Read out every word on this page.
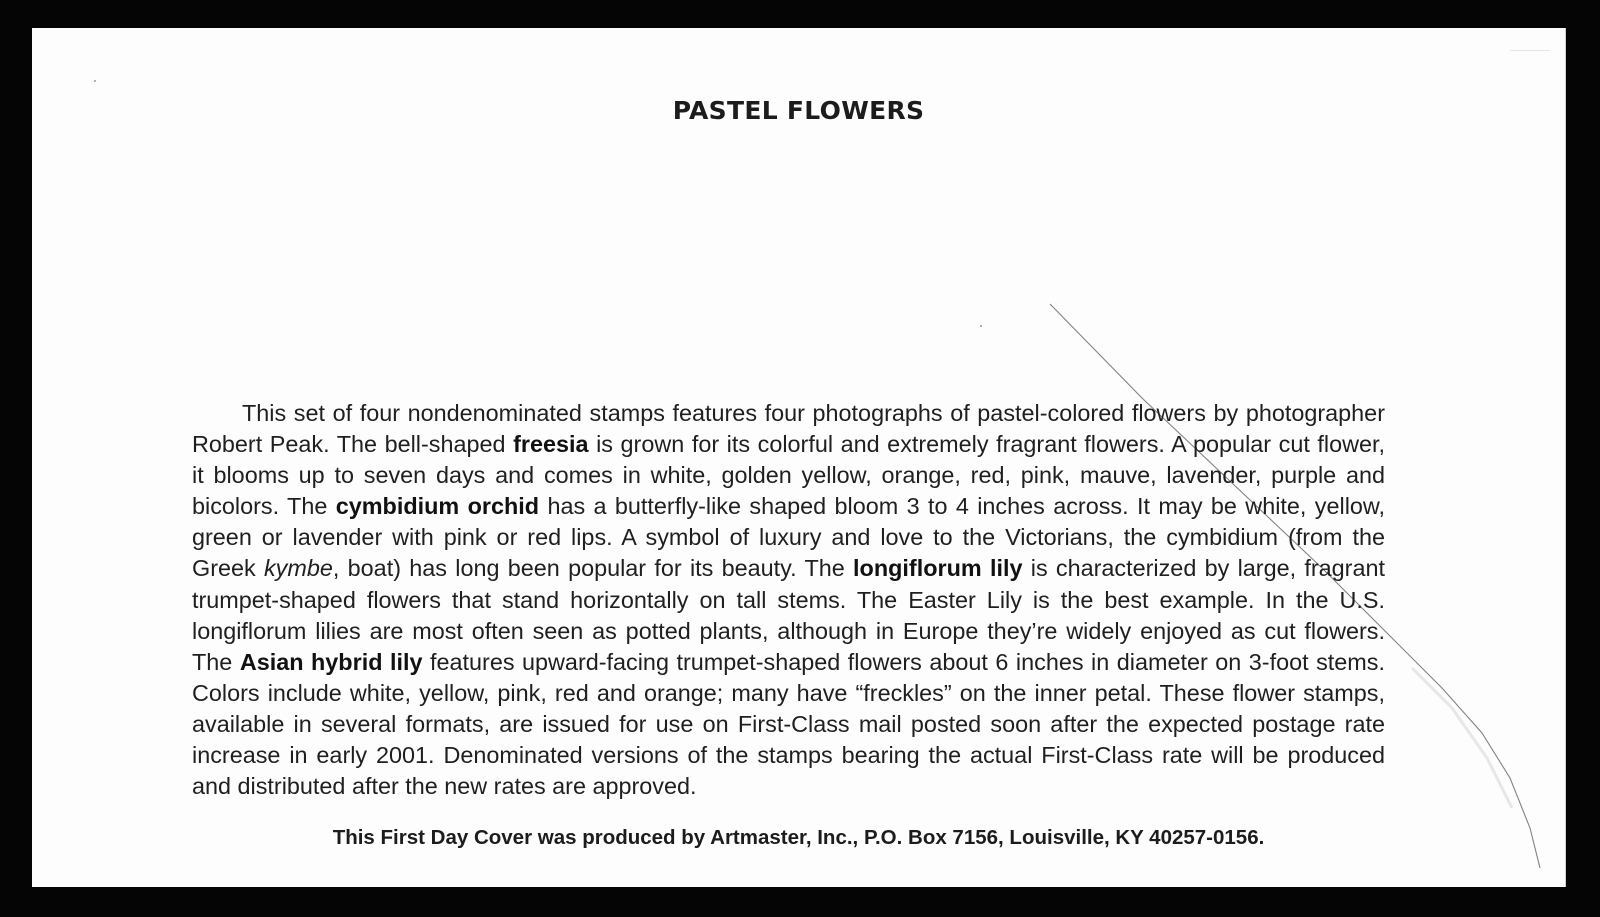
PASTEL FLOWERS

This set of four nondenominated stamps features four photographs of pastel-colored flowers by photographer Robert Peak. The bell-shaped freesia is grown for its colorful and extremely fragrant flowers. A popular cut flower, it blooms up to seven days and comes in white, golden yellow, orange, red, pink, mauve, lavender, purple and bicolors. The cymbidium orchid has a butterfly-like shaped bloom 3 to 4 inches across. It may be white, yellow, green or lavender with pink or red lips. A symbol of luxury and love to the Victorians, the cymbidium (from the Greek kymbe, boat) has long been popular for its beauty. The longiflorum lily is characterized by large, fragrant trumpet-shaped flowers that stand horizontally on tall stems. The Easter Lily is the best example. In the U.S. longiflorum lilies are most often seen as potted plants, although in Europe they’re widely enjoyed as cut flowers. The Asian hybrid lily features upward-facing trumpet-shaped flowers about 6 inches in diameter on 3-foot stems. Colors include white, yellow, pink, red and orange; many have “freckles” on the inner petal. These flower stamps, available in several formats, are issued for use on First-Class mail posted soon after the expected postage rate increase in early 2001. Denominated versions of the stamps bearing the actual First-Class rate will be produced and distributed after the new rates are approved.

This First Day Cover was produced by Artmaster, Inc., P.O. Box 7156, Louisville, KY 40257-0156.
